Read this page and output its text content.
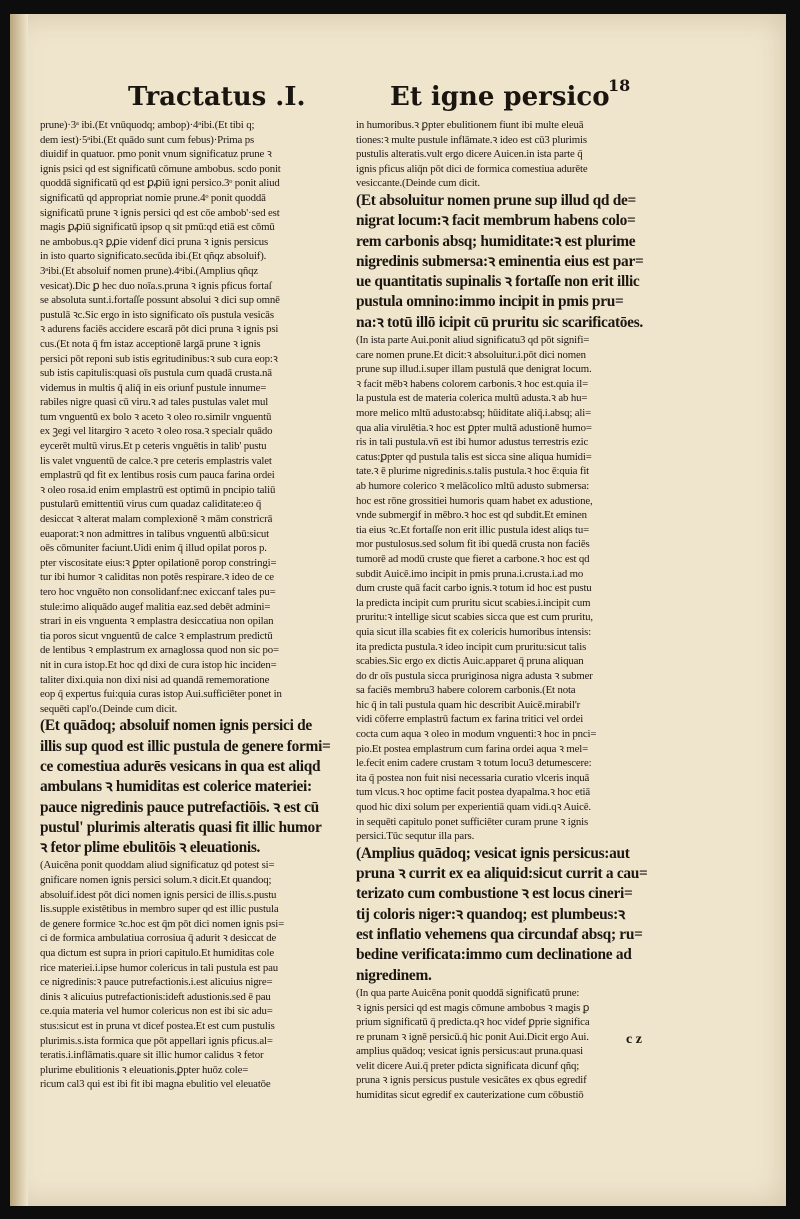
Tractatus .I.	Et igne persico
18
prune)·3ᵃ ibi.(Et vnūquodq; ambop)·4ᵃibi.(Et tibi q;
dem iest)·5ᵃibi.(Et quādo sunt cum febus)·Prima ps
diuidif in quatuor. pmo ponit vnum significatuz prune ꝛ
ignis psici qd est significatū cōmune ambobus. scdo ponit
quoddā significatū qd est ꝑꝓiū igni persico.3ᵒ ponit aliud
significatū qd appropriat nomie prune.4ᵒ ponit quoddā
significatū prune ꝛ ignis persici qd est cōe ambob'·sed est
magis ꝑꝓiū significatū ipsop ɋ sit pmū:qd etiā est cōmū
ne ambobus.qꝛ ꝑꝓie videnf dici pruna ꝛ ignis persicus
in isto quarto significato.secūda ibi.(Et qñqz absoluif).
3ᵃibi.(Et absoluif nomen prune).4ᵃibi.(Amplius qñqz
vesicat).Dic ꝑ hec duo noīa.s.pruna ꝛ ignis pficus fortaſ
se absoluta sunt.i.fortaſſe possunt absolui ꝛ dici sup omnē
pustulā ꝛc.Sic ergo in isto significato oīs pustula vesicās
ꝛ adurens faciēs accidere escarā pōt dici pruna ꝛ ignis psi
cus.(Et nota q̄ fm istaz acceptionē largā prune ꝛ ignis
persici pōt reponi sub istis egritudinibus:ꝛ sub cura eop:ꝛ
sub istis capitulis:quasi oīs pustula cum quadā crusta.nā
videmus in multis q̄ aliq̄ in eis oriunf pustule innume=
rabiles nigre quasi cū viru.ꝛ ad tales pustulas valet mul
tum vnguentū ex bolo ꝛ aceto ꝛ oleo ro.similr vnguentū
ex ꝫegi vel litargiro ꝛ aceto ꝛ oleo rosa.ꝛ specialr quādo
eycerēt multū virus.Et p ceteris vnguētis in talib' pustu
lis valet vnguentū de calce.ꝛ pre ceteris emplastris valet
emplastrū qd fit ex lentibus rosis cum pauca farina ordei
ꝛ oleo rosa.id enim emplastrū est optimū in pncipio taliū
pustularū emittentiū virus cum quadaz caliditate:eo q̄
desiccat ꝛ alterat malam complexionē ꝛ mām constricrā
euaporat:ꝛ non admittres in talibus vnguentū albū:sicut
oēs cōmuniter faciunt.Uidi enim q̄ illud opilat poros p.
pter viscositate eius:ꝛ ꝑpter opilationē porop constringi=
tur ibi humor ꝛ caliditas non potēs respirare.ꝛ ideo de ce
tero hoc vnguēto non consolidanf:nec exiccanf tales pu=
stule:imo aliquādo augef malitia eaz.sed debēt admini=
strari in eis vnguenta ꝛ emplastra desiccatiua non opilan
tia poros sicut vnguentū de calce ꝛ emplastrum predictū
de lentibus ꝛ emplastrum ex arnaglossa quod non sic po=
nit in cura istop.Et hoc qd dixi de cura istop hic inciden=
taliter dixi.quia non dixi nisi ad quandā rememoratione
eop q̄ expertus fui:quia curas istop Aui.sufficiēter ponet in
sequēti capl'o.(Deinde cum dicit.
(Et quādoq; absoluif nomen ignis persici de
illis sup quod est illic pustula de genere formi=
ce comestiua adurēs vesicans in qua est aliqd
ambulans ꝛ humiditas est colerice materiei:
pauce nigredinis pauce putrefactiōis. ꝛ est cū
pustul' plurimis alteratis quasi fit illic humor
ꝛ fetor plime ebulitōis ꝛ eleuationis.
(Auicēna ponit quoddam aliud significatuz qd potest si=
gnificare nomen ignis persici solum.ꝛ dicit.Et quandoq;
absoluif.idest pōt dici nomen ignis persici de illis.s.pustu
lis.supple existētibus in membro super qd est illic pustula
de genere formice ꝛc.hoc est q̄m pōt dici nomen ignis psi=
ci de formica ambulatiua corrosiua q̄ adurit ꝛ desiccat de
qua dictum est supra in priori capitulo.Et humiditas cole
rice materiei.i.ipse humor colericus in tali pustula est pau
ce nigredinis:ꝛ pauce putrefactionis.i.est alicuius nigre=
dinis ꝛ alicuius putrefactionis:ideft adustionis.sed ē pau
ce.quia materia vel humor colericus non est ibi sic adu=
stus:sicut est in pruna vt dicef postea.Et est cum pustulis
plurimis.s.ista formica que pōt appellari ignis pficus.al=
teratis.i.inflāmatis.quare sit illic humor calidus ꝛ fetor
plurime ebulitionis ꝛ eleuationis.ꝑpter huōz cole=
ricum cal3 qui est ibi fit ibi magna ebulitio vel eleuatōe
in humoribus.ꝛ ꝑpter ebulitionem fiunt ibi multe eleuā
tiones:ꝛ multe pustule inflāmate.ꝛ ideo est cū3 plurimis
pustulis alteratis.vult ergo dicere Auicen.in ista parte q̄
ignis pficus aliq̄n pōt dici de formica comestiua adurēte
vesiccante.(Deinde cum dicit.
(Et absoluitur nomen prune sup illud qd de=
nigrat locum:ꝛ facit membrum habens colo=
rem carbonis absq; humiditate:ꝛ est plurime
nigredinis submersa:ꝛ eminentia eius est par=
ue quantitatis supinalis ꝛ fortaſſe non erit illic
pustula omnino:immo incipit in pmis pru=
na:ꝛ totū illō icipit cū pruritu sic scarificatōes.
(In ista parte Aui.ponit aliud significatu3 qd pōt signifi=
care nomen prune.Et dicit:ꝛ absoluitur.i.pōt dici nomen
prune sup illud.i.super illam pustulā que denigrat locum.
ꝛ facit mēbꝛ habens colorem carbonis.ꝛ hoc est.quia il=
la pustula est de materia colerica multū adusta.ꝛ ab hu=
more melico mltū adusto:absq; hūiditate aliq̄.i.absq; ali=
qua alia virulētia.ꝛ hoc est ꝑpter multā adustionē humo=
ris in tali pustula.vn̄ est ibi humor adustus terrestris ezic
catus:ꝑpter qd pustula talis est sicca sine aliqua humidi=
tate.ꝛ ē plurime nigredinis.s.talis pustula.ꝛ hoc ē:quia fit
ab humore colerico ꝛ melācolico mltū adusto submersa:
hoc est rōne grossitiei humoris quam habet ex adustione,
vnde submergif in mēbro.ꝛ hoc est qd subdit.Et eminen
tia eius ꝛc.Et fortaſſe non erit illic pustula idest aliqs tu=
mor pustulosus.sed solum fit ibi quedā crusta non faciēs
tumorē ad modū cruste que fieret a carbone.ꝛ hoc est qd
subdit Auicē.imo incipit in pmis pruna.i.crusta.i.ad mo
dum cruste quā facit carbo ignis.ꝛ totum id hoc est pustu
la predicta incipit cum pruritu sicut scabies.i.incipit cum
pruritu:ꝛ intellige sicut scabies sicca que est cum pruritu,
quia sicut illa scabies fit ex colericis humoribus intensis:
ita predicta pustula.ꝛ ideo incipit cum pruritu:sicut talis
scabies.Sic ergo ex dictis Auic.apparet q̄ pruna aliquan
do dr oīs pustula sicca pruriginosa nigra adusta ꝛ submer
sa faciēs membru3 habere colorem carbonis.(Et nota
hic q̄ in tali pustula quam hic describit Auicē.mirabil'r
vidi cōferre emplastrū factum ex farina tritici vel ordei
cocta cum aqua ꝛ oleo in modum vnguenti:ꝛ hoc in pnci=
pio.Et postea emplastrum cum farina ordei aqua ꝛ mel=
le.fecit enim cadere crustam ꝛ totum locu3 detumescere:
ita q̄ postea non fuit nisi necessaria curatio vlceris inquā
tum vlcus.ꝛ hoc optime facit postea dyapalma.ꝛ hoc etiā
quod hic dixi solum per experientiā quam vidi.qꝛ Auicē.
in sequēti capitulo ponet sufficiēter curam prune ꝛ ignis
persici.Tūc sequtur illa pars.
(Amplius quādoq; vesicat ignis persicus:aut
pruna ꝛ currit ex ea aliquid:sicut currit a cau=
terizato cum combustione ꝛ est locus cineri=
tij coloris niger:ꝛ quandoq; est plumbeus:ꝛ
est inflatio vehemens qua circundaf absq; ru=
bedine verificata:immo cum declinatione ad
nigredinem.
(In qua parte Auicēna ponit quoddā significatū prune:
ꝛ ignis persici qd est magis cōmune ambobus ꝛ magis ꝑ
prium significatū q̄ predicta.qꝛ hoc videf ꝑprie significa
re prunam ꝛ ignē persicū.q̄ hic ponit Aui.Dicit ergo Aui.
amplius quādoq; vesicat ignis persicus:aut pruna.quasi
velit dicere Aui.q̄ preter pdicta significata dicunf qñq;
pruna ꝛ ignis persicus pustule vesicātes ex qbus egredif
humiditas sicut egredif ex cauterizatione cum cōbustiō
c z
